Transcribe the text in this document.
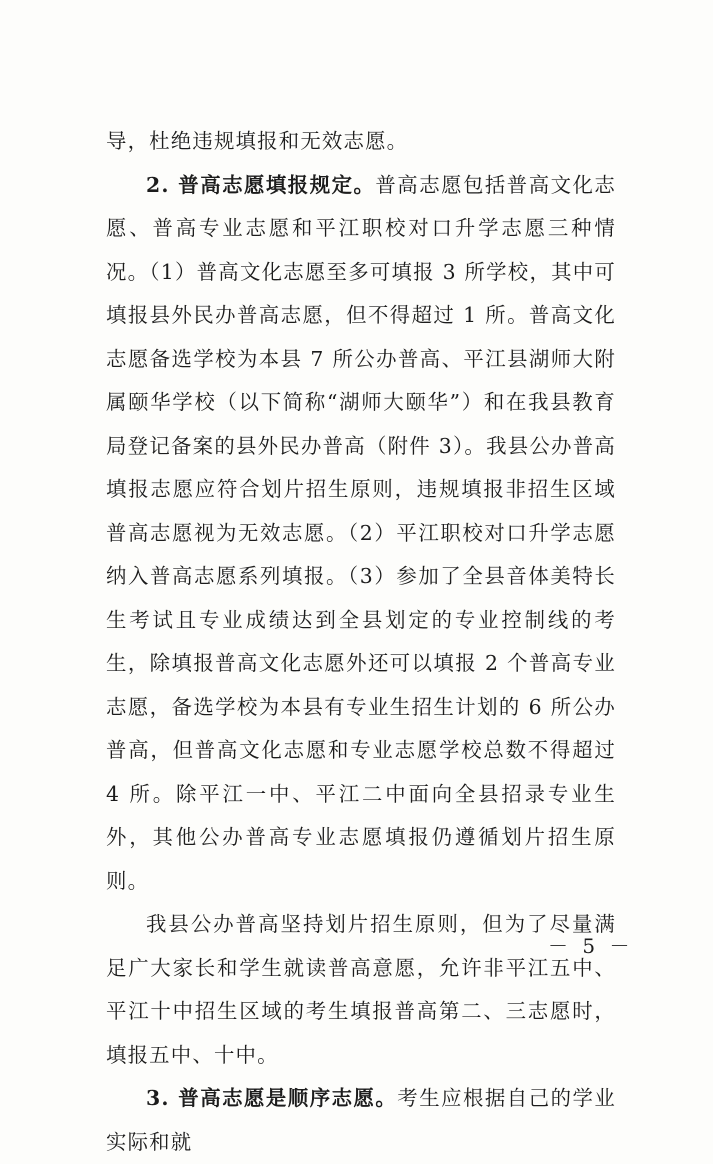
导，杜绝违规填报和无效志愿。

2. 普高志愿填报规定。普高志愿包括普高文化志愿、普高专业志愿和平江职校对口升学志愿三种情况。（1）普高文化志愿至多可填报 3 所学校，其中可填报县外民办普高志愿，但不得超过 1 所。普高文化志愿备选学校为本县 7 所公办普高、平江县湖师大附属颐华学校（以下简称“湖师大颐华”）和在我县教育局登记备案的县外民办普高（附件 3）。我县公办普高填报志愿应符合划片招生原则，违规填报非招生区域普高志愿视为无效志愿。（2）平江职校对口升学志愿纳入普高志愿系列填报。（3）参加了全县音体美特长生考试且专业成绩达到全县划定的专业控制线的考生，除填报普高文化志愿外还可以填报 2 个普高专业志愿，备选学校为本县有专业生招生计划的 6 所公办普高，但普高文化志愿和专业志愿学校总数不得超过 4 所。除平江一中、平江二中面向全县招录专业生外，其他公办普高专业志愿填报仍遵循划片招生原则。

我县公办普高坚持划片招生原则，但为了尽量满足广大家长和学生就读普高意愿，允许非平江五中、平江十中招生区域的考生填报普高第二、三志愿时，填报五中、十中。

3. 普高志愿是顺序志愿。考生应根据自己的学业实际和就

－ 5 －
